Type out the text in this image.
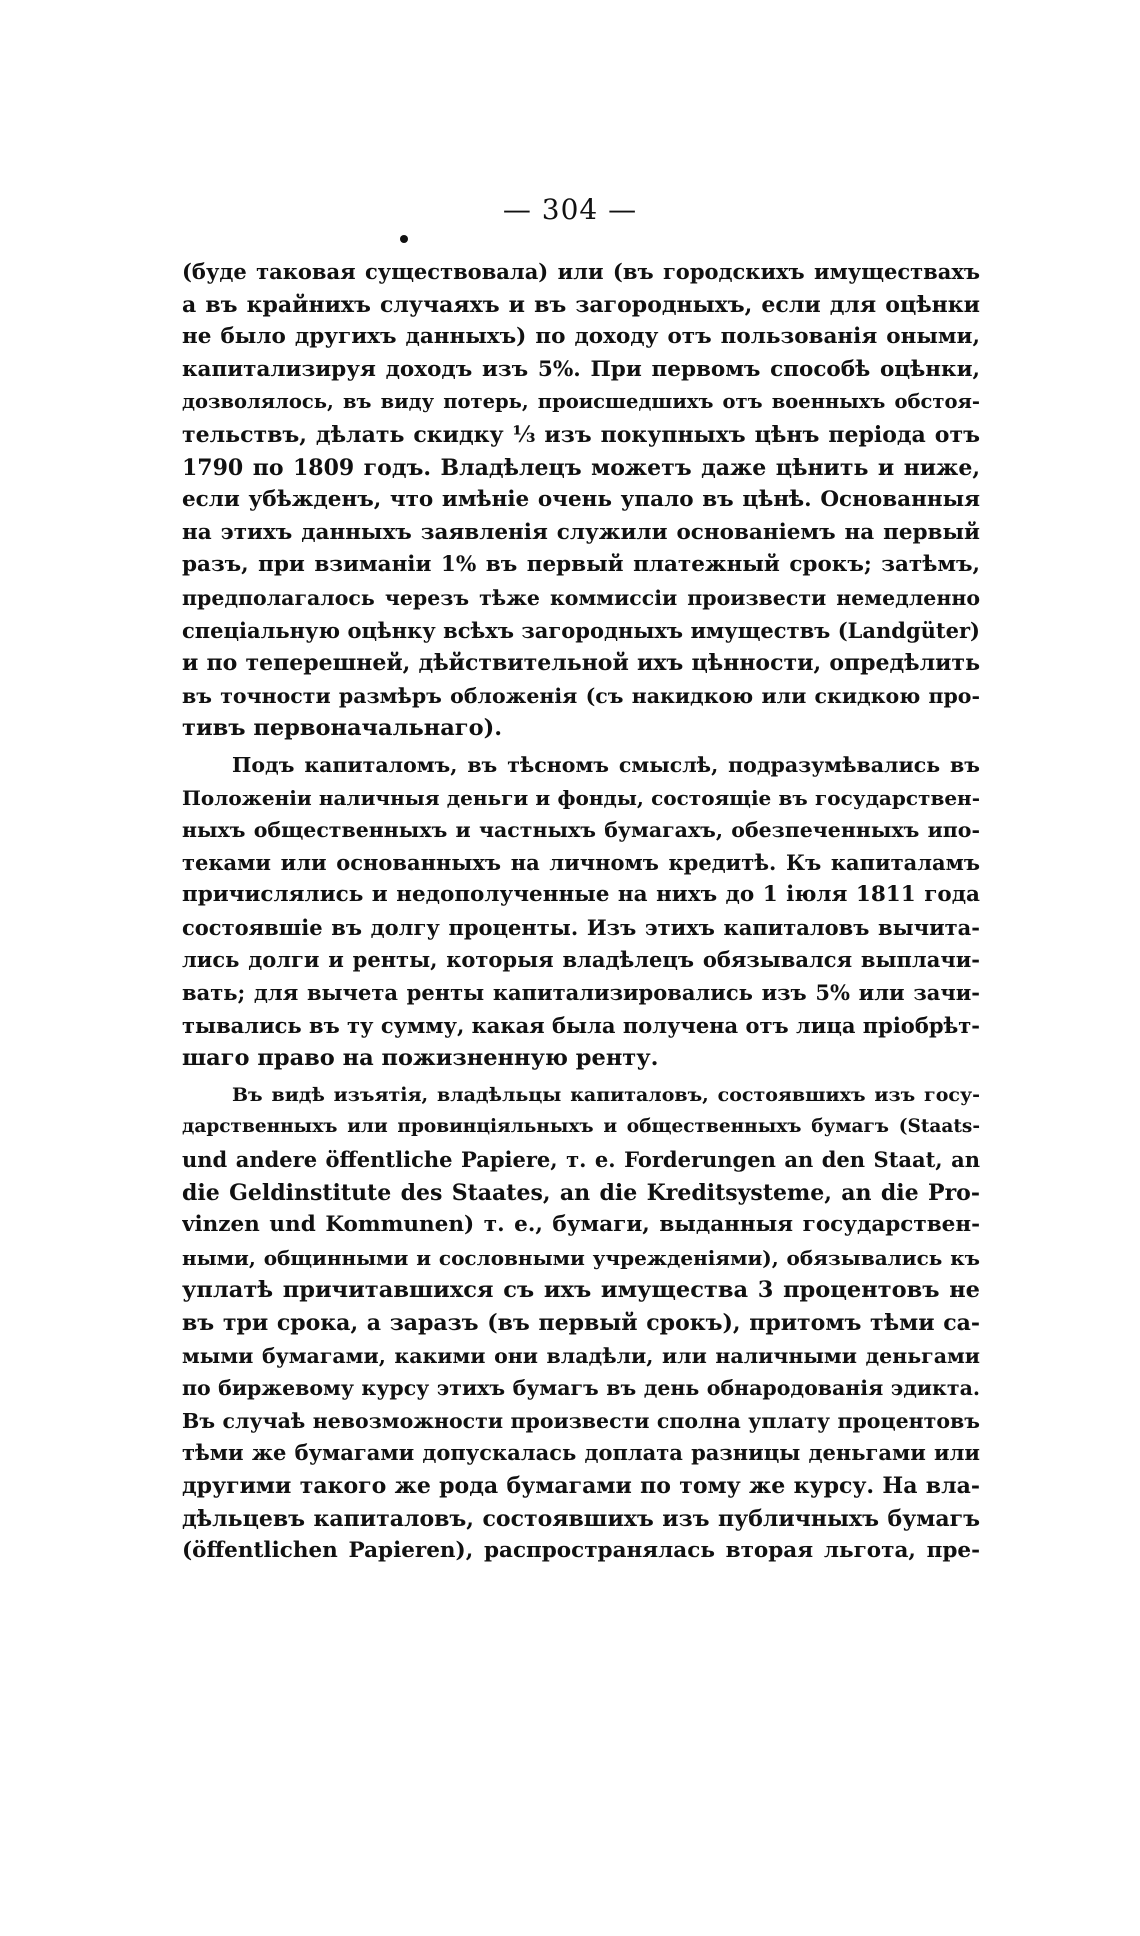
— 304 —
(буде таковая существовала) или (въ городскихъ имуществахъ
а въ крайнихъ случаяхъ и въ загородныхъ, если для оцѣнки
не было другихъ данныхъ) по доходу отъ пользованія оными,
капитализируя доходъ изъ 5%. При первомъ способѣ оцѣнки,
дозволялось, въ виду потерь, происшедшихъ отъ военныхъ обстоя-
тельствъ, дѣлать скидку ⅓ изъ покупныхъ цѣнъ періода отъ
1790 по 1809 годъ. Владѣлецъ можетъ даже цѣнить и ниже,
если убѣжденъ, что имѣніе очень упало въ цѣнѣ. Основанныя
на этихъ данныхъ заявленія служили основаніемъ на первый
разъ, при взиманіи 1% въ первый платежный срокъ; затѣмъ,
предполагалось черезъ тѣже коммиссіи произвести немедленно
спеціальную оцѣнку всѣхъ загородныхъ имуществъ (Landgüter)
и по теперешней, дѣйствительной ихъ цѣнности, опредѣлить
въ точности размѣръ обложенія (съ накидкою или скидкою про-
тивъ первоначальнаго).
Подъ капиталомъ, въ тѣсномъ смыслѣ, подразумѣвались въ
Положеніи наличныя деньги и фонды, состоящіе въ государствен-
ныхъ общественныхъ и частныхъ бумагахъ, обезпеченныхъ ипо-
теками или основанныхъ на личномъ кредитѣ. Къ капиталамъ
причислялись и недополученные на нихъ до 1 іюля 1811 года
состоявшіе въ долгу проценты. Изъ этихъ капиталовъ вычита-
лись долги и ренты, которыя владѣлецъ обязывался выплачи-
вать; для вычета ренты капитализировались изъ 5% или зачи-
тывались въ ту сумму, какая была получена отъ лица пріобрѣт-
шаго право на пожизненную ренту.
Въ видѣ изъятія, владѣльцы капиталовъ, состоявшихъ изъ госу-
дарственныхъ или провинціяльныхъ и общественныхъ бумагъ (Staats-
und andere öffentliche Papiere, т. е. Forderungen an den Staat, an
die Geldinstitute des Staates, an die Kreditsysteme, an die Pro-
vinzen und Kommunen) т. е., бумаги, выданныя государствен-
ными, общинными и сословными учрежденіями), обязывались къ
уплатѣ причитавшихся съ ихъ имущества 3 процентовъ не
въ три срока, а заразъ (въ первый срокъ), притомъ тѣми са-
мыми бумагами, какими они владѣли, или наличными деньгами
по биржевому курсу этихъ бумагъ въ день обнародованія эдикта.
Въ случаѣ невозможности произвести сполна уплату процентовъ
тѣми же бумагами допускалась доплата разницы деньгами или
другими такого же рода бумагами по тому же курсу. На вла-
дѣльцевъ капиталовъ, состоявшихъ изъ публичныхъ бумагъ
(öffentlichen Papieren), распространялась вторая льгота, пре-
